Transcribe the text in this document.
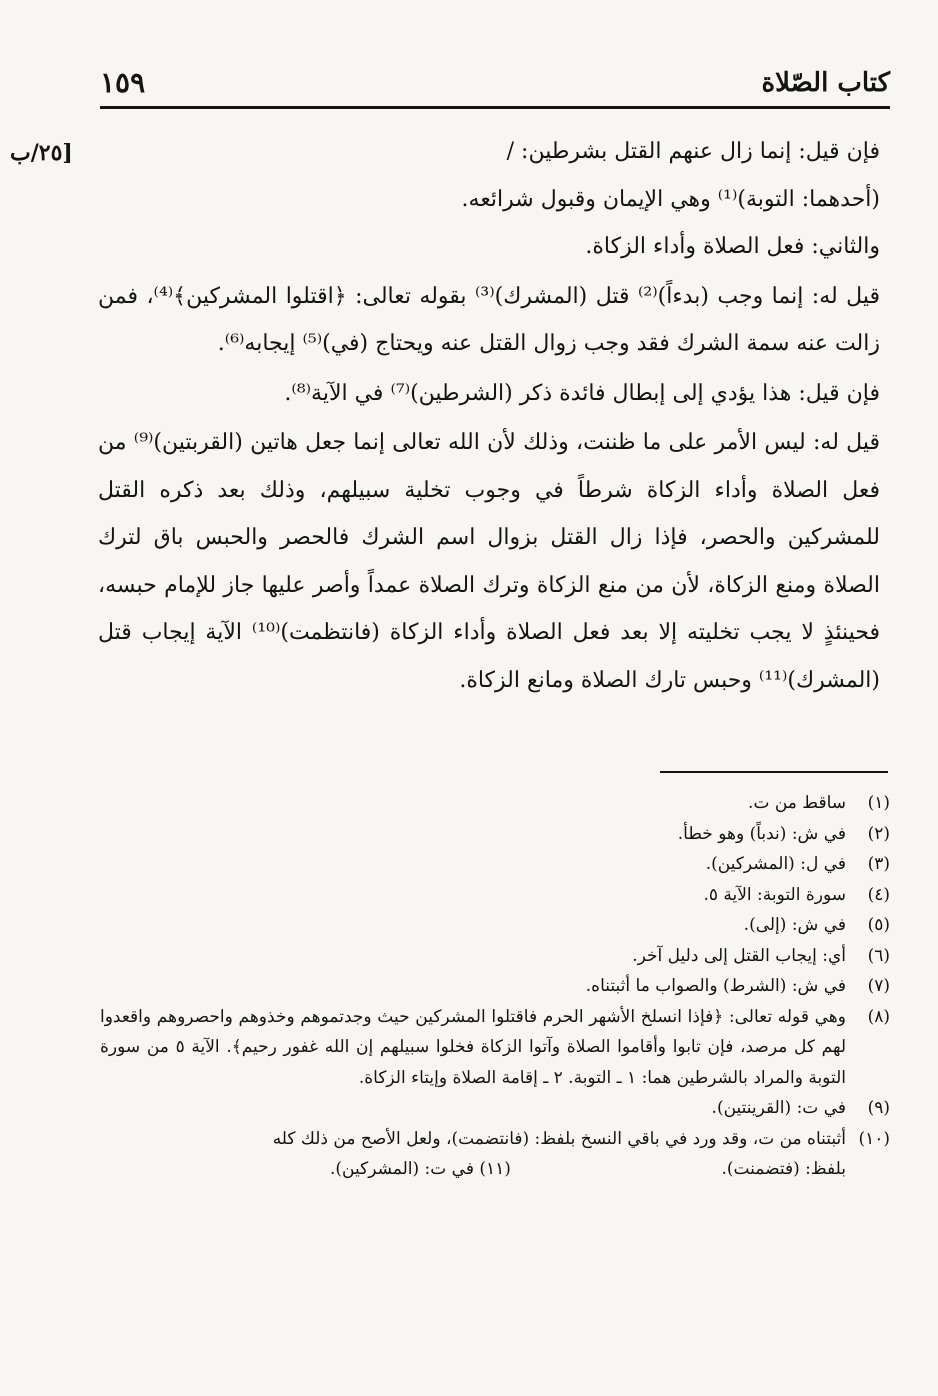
١٥٩	كتاب الصّلاة
[٢٥/ب	فإن قيل: إنما زال عنهم القتل بشرطين: /

(أحدهما: التوبة)⁽¹⁾ وهي الإيمان وقبول شرائعه.

والثاني: فعل الصلاة وأداء الزكاة.

قيل له: إنما وجب (بدءاً)⁽²⁾ قتل (المشرك)⁽³⁾ بقوله تعالى: ﴿اقتلوا المشركين﴾⁽⁴⁾، فمن زالت عنه سمة الشرك فقد وجب زوال القتل عنه ويحتاج (في)⁽⁵⁾ إيجابه⁽⁶⁾.

فإن قيل: هذا يؤدي إلى إبطال فائدة ذكر (الشرطين)⁽⁷⁾ في الآية⁽⁸⁾.

قيل له: ليس الأمر على ما ظننت، وذلك لأن الله تعالى إنما جعل هاتين (القربتين)⁽⁹⁾ من فعل الصلاة وأداء الزكاة شرطاً في وجوب تخلية سبيلهم، وذلك بعد ذكره القتل للمشركين والحصر، فإذا زال القتل بزوال اسم الشرك فالحصر والحبس باق لترك الصلاة ومنع الزكاة، لأن من منع الزكاة وترك الصلاة عمداً وأصر عليها جاز للإمام حبسه، فحينئذٍ لا يجب تخليته إلا بعد فعل الصلاة وأداء الزكاة (فانتظمت)⁽¹⁰⁾ الآية إيجاب قتل (المشرك)⁽¹¹⁾ وحبس تارك الصلاة ومانع الزكاة.

(١)
ساقط من ت.
(٢)
في ش: (ندباً) وهو خطأ.
(٣)
في ل: (المشركين).
(٤)
سورة التوبة: الآية ٥.
(٥)
في ش: (إلى).
(٦)
أي: إيجاب القتل إلى دليل آخر.
(٧)
في ش: (الشرط) والصواب ما أثبتناه.
(٨)
وهي قوله تعالى: ﴿فإذا انسلخ الأشهر الحرم فاقتلوا المشركين حيث وجدتموهم وخذوهم واحصروهم واقعدوا لهم كل مرصد، فإن تابوا وأقاموا الصلاة وآتوا الزكاة فخلوا سبيلهم إن الله غفور رحيم﴾. الآية ٥ من سورة التوبة والمراد بالشرطين هما: ١ ـ التوبة. ٢ ـ إقامة الصلاة وإيتاء الزكاة.
(٩)
في ت: (القرينتين).
(١٠)
أثبتناه من ت، وقد ورد في باقي النسخ بلفظ: (فانتضمت)، ولعل الأصح من ذلك كله
بلفظ: (فتضمنت).
(١١) في ت: (المشركين).
